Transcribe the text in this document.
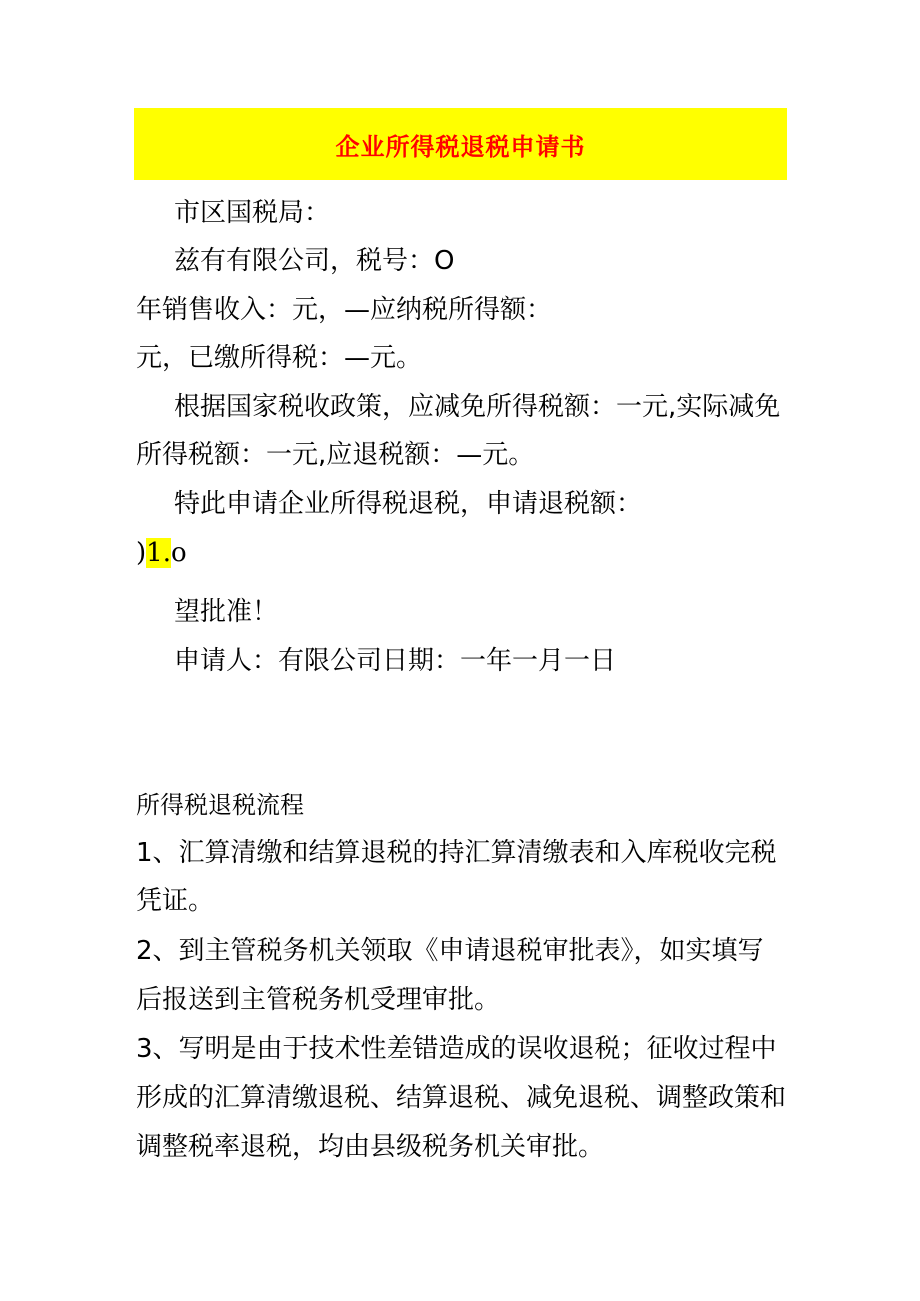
企业所得税退税申请书
市区国税局：
兹有有限公司，税号：O
年销售收入：元，—应纳税所得额：
元，已缴所得税：—元。
根据国家税收政策，应减免所得税额：一元,实际减免
所得税额：一元,应退税额：—元。
特此申请企业所得税退税，申请退税额：
)1.o
望批准！
申请人：有限公司日期：一年一月一日
所得税退税流程
1、汇算清缴和结算退税的持汇算清缴表和入库税收完税
凭证。
2、到主管税务机关领取《申请退税审批表》，如实填写
后报送到主管税务机受理审批。
3、写明是由于技术性差错造成的误收退税；征收过程中
形成的汇算清缴退税、结算退税、减免退税、调整政策和
调整税率退税，均由县级税务机关审批。
